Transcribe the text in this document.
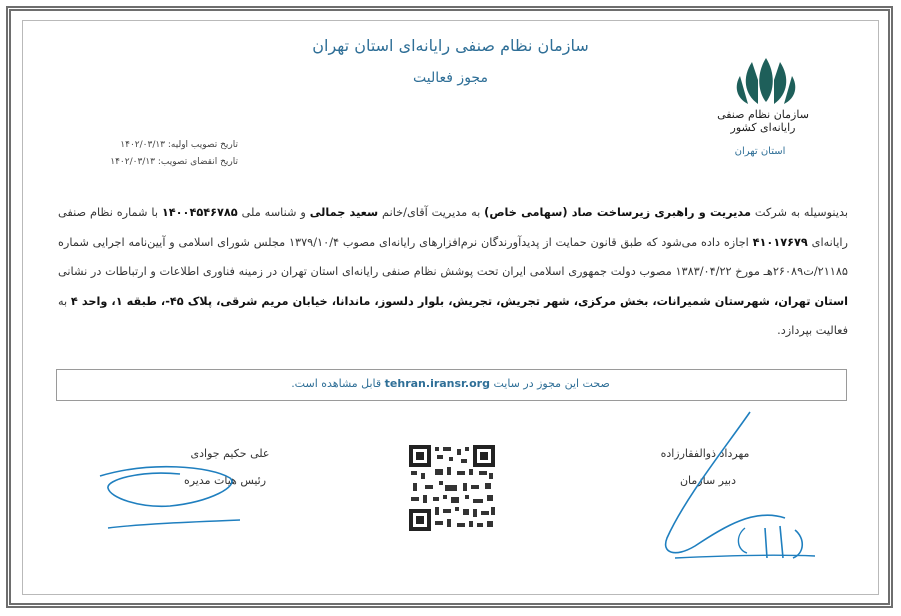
سازمان نظام صنفی رایانه‌ای استان تهران
مجوز فعالیت
سازمان نظام صنفی رایانه‌ای کشور
استان تهران
تاریخ تصویب اولیه: ۱۴۰۲/۰۳/۱۳
تاریخ انقضای تصویب: ۱۴۰۲/۰۳/۱۳
بدینوسیله به شرکت مدیریت و راهبری زیرساخت صاد (سهامی خاص) به مدیریت آقای/خانم سعید جمالی و شناسه ملی ۱۴۰۰۴۵۴۶۷۸۵ با شماره نظام صنفی رایانه‌ای ۴۱۰۱۷۶۷۹ اجازه داده می‌شود که طبق قانون حمایت از پدیدآورندگان نرم‌افزارهای رایانه‌ای مصوب ۱۳۷۹/۱۰/۴ مجلس شورای اسلامی و آیین‌نامه اجرایی شماره ۲۱۱۸۵/ت۲۶۰۸۹هـ مورخ ۱۳۸۳/۰۴/۲۲ مصوب دولت جمهوری اسلامی ایران تحت پوشش نظام صنفی رایانه‌ای استان تهران در زمینه فناوری اطلاعات و ارتباطات در نشانی استان تهران، شهرستان شمیرانات، بخش مرکزی، شهر تجریش، تجریش، بلوار دلسوز، ماندانا، خیابان مریم شرقی، پلاک ۴۵-، طبقه ۱، واحد ۴ به فعالیت بپردازد.
صحت این مجوز در سایت tehran.iransr.org قابل مشاهده است.
علی حکیم جوادی
رئیس هیات مدیره
مهرداد ذوالفقارزاده
دبیر سازمان
